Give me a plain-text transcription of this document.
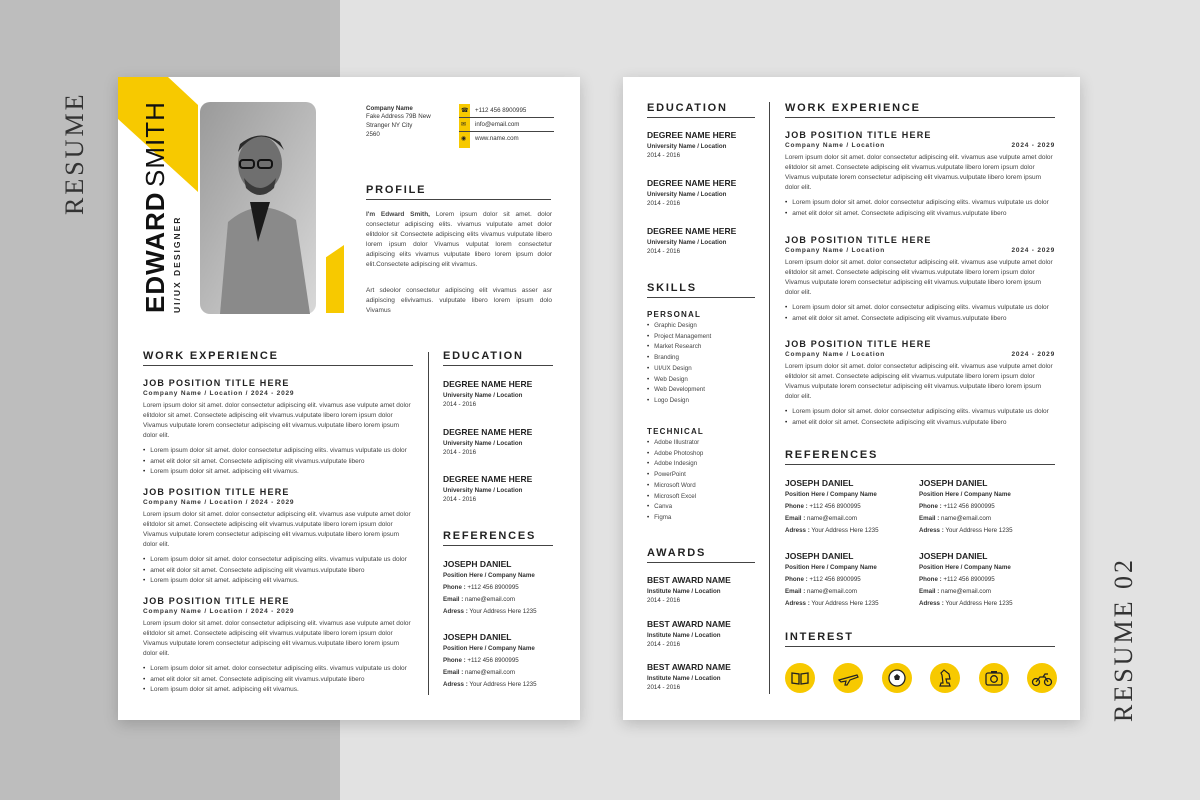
RESUME
RESUME 02
EDWARD SMITH
UI/UX DESIGNER
Company Name
Fake Address 79B New
Stranger NY City
2560
☎ +112 456 8900995
✉ info@email.com
◉ www.name.com
PROFILE
I'm Edward Smith, Lorem ipsum dolor sit amet. dolor consectetur adipiscing elits. vivamus vulputate amet dolor elitdolor sit Consectete adipiscing elits vivamus vulputate libero lorem ipsum dolor Vivamus vulputat lorem consectetur adipiscing elits vivamus vulputate libero lorem ipsum dolor elit.Consectete adipiscing elit vivamus.
Art sdeolor consectetur adipiscing elit vivamus asser asr adipiscing elivivamus. vulputate libero lorem ipsum dolo Vivamus
WORK EXPERIENCE
JOB POSITION TITLE HERE
Company Name / Location / 2024 - 2029
Lorem ipsum dolor sit amet. dolor consectetur adipiscing elit. vivamus ase vulpute amet dolor elitdolor sit amet. Consectete adipiscing elit vivamus.vulputate libero lorem ipsum dolor Vivamus vulputate lorem consectetur adipiscing elit vivamus.vulputate libero lorem ipsum dolor elit.
• Lorem ipsum dolor sit amet. dolor consectetur adipiscing elits. vivamus vulputate us dolor
• amet elit dolor sit amet. Consectete adipiscing elit vivamus.vulputate libero
• Lorem ipsum dolor sit amet. adipiscing elit vivamus.
JOB POSITION TITLE HERE
Company Name / Location / 2024 - 2029
Lorem ipsum dolor sit amet. dolor consectetur adipiscing elit. vivamus ase vulpute amet dolor elitdolor sit amet. Consectete adipiscing elit vivamus.vulputate libero lorem ipsum dolor Vivamus vulputate lorem consectetur adipiscing elit vivamus.vulputate libero lorem ipsum dolor elit.
• Lorem ipsum dolor sit amet. dolor consectetur adipiscing elits. vivamus vulputate us dolor
• amet elit dolor sit amet. Consectete adipiscing elit vivamus.vulputate libero
• Lorem ipsum dolor sit amet. adipiscing elit vivamus.
JOB POSITION TITLE HERE
Company Name / Location / 2024 - 2029
Lorem ipsum dolor sit amet. dolor consectetur adipiscing elit. vivamus ase vulpute amet dolor elitdolor sit amet. Consectete adipiscing elit vivamus.vulputate libero lorem ipsum dolor Vivamus vulputate lorem consectetur adipiscing elit vivamus.vulputate libero lorem ipsum dolor elit.
• Lorem ipsum dolor sit amet. dolor consectetur adipiscing elits. vivamus vulputate us dolor
• amet elit dolor sit amet. Consectete adipiscing elit vivamus.vulputate libero
• Lorem ipsum dolor sit amet. adipiscing elit vivamus.
EDUCATION
DEGREE NAME HERE
University Name / Location
2014 - 2016
DEGREE NAME HERE
University Name / Location
2014 - 2016
DEGREE NAME HERE
University Name / Location
2014 - 2016
REFERENCES
JOSEPH DANIEL
Position Here / Company Name
Phone : +112 456 8900995
Email : name@email.com
Adress : Your Address Here 1235
JOSEPH DANIEL
Position Here / Company Name
Phone : +112 456 8900995
Email : name@email.com
Adress : Your Address Here 1235
EDUCATION
DEGREE NAME HERE
University Name / Location
2014 - 2016
DEGREE NAME HERE
University Name / Location
2014 - 2016
DEGREE NAME HERE
University Name / Location
2014 - 2016
SKILLS
PERSONAL
• Graphic Design
• Project Management
• Market Research
• Branding
• UI/UX Design
• Web Design
• Web Development
• Logo Design
TECHNICAL
• Adobe Illustrator
• Adobe Photoshop
• Adobe Indesign
• PowerPoint
• Microsoft Word
• Microsoft Excel
• Canva
• Figma
AWARDS
BEST AWARD NAME
Institute Name / Location
2014 - 2016
BEST AWARD NAME
Institute Name / Location
2014 - 2016
BEST AWARD NAME
Institute Name / Location
2014 - 2016
WORK EXPERIENCE
JOB POSITION TITLE HERE
Company Name / Location	2024 - 2029
Lorem ipsum dolor sit amet. dolor consectetur adipiscing elit. vivamus ase vulpute amet dolor elitdolor sit amet. Consectete adipiscing elit vivamus.vulputate libero lorem ipsum dolor Vivamus vulputate lorem consectetur adipiscing elit vivamus.vulputate libero lorem ipsum dolor elit.
• Lorem ipsum dolor sit amet. dolor consectetur adipiscing elits. vivamus vulputate us dolor
• amet elit dolor sit amet. Consectete adipiscing elit vivamus.vulputate libero
JOB POSITION TITLE HERE
Company Name / Location	2024 - 2029
Lorem ipsum dolor sit amet. dolor consectetur adipiscing elit. vivamus ase vulpute amet dolor elitdolor sit amet. Consectete adipiscing elit vivamus.vulputate libero lorem ipsum dolor Vivamus vulputate lorem consectetur adipiscing elit vivamus.vulputate libero lorem ipsum dolor elit.
• Lorem ipsum dolor sit amet. dolor consectetur adipiscing elits. vivamus vulputate us dolor
• amet elit dolor sit amet. Consectete adipiscing elit vivamus.vulputate libero
JOB POSITION TITLE HERE
Company Name / Location	2024 - 2029
Lorem ipsum dolor sit amet. dolor consectetur adipiscing elit. vivamus ase vulpute amet dolor elitdolor sit amet. Consectete adipiscing elit vivamus.vulputate libero lorem ipsum dolor Vivamus vulputate lorem consectetur adipiscing elit vivamus.vulputate libero lorem ipsum dolor elit.
• Lorem ipsum dolor sit amet. dolor consectetur adipiscing elits. vivamus vulputate us dolor
• amet elit dolor sit amet. Consectete adipiscing elit vivamus.vulputate libero
REFERENCES
JOSEPH DANIEL
Position Here / Company Name
Phone : +112 456 8900995
Email : name@email.com
Adress : Your Address Here 1235
JOSEPH DANIEL
Position Here / Company Name
Phone : +112 456 8900995
Email : name@email.com
Adress : Your Address Here 1235
JOSEPH DANIEL
Position Here / Company Name
Phone : +112 456 8900995
Email : name@email.com
Adress : Your Address Here 1235
JOSEPH DANIEL
Position Here / Company Name
Phone : +112 456 8900995
Email : name@email.com
Adress : Your Address Here 1235
INTEREST
